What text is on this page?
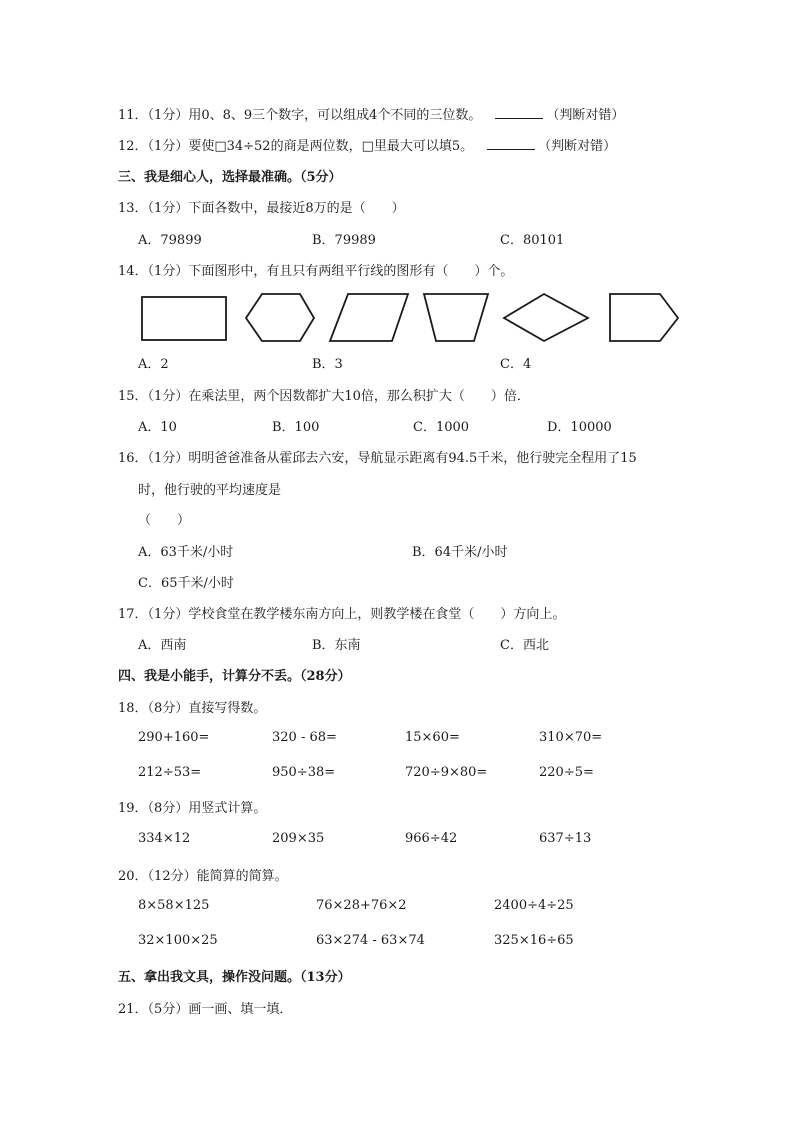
11．（1分）用0、8、9三个数字，可以组成4个不同的三位数。	（判断对错）
12．（1分）要使□34÷52的商是两位数，□里最大可以填5。	（判断对错）
三、我是细心人，选择最准确。（5分）
13．（1分）下面各数中，最接近8万的是（　　）
A．79899	B．79989	C．80101
14．（1分）下面图形中，有且只有两组平行线的图形有（　　）个。
A．2	B．3	C．4
15．（1分）在乘法里，两个因数都扩大10倍，那么积扩大（　　）倍．
A．10	B．100	C．1000	D．10000
16．（1分）明明爸爸准备从霍邱去六安，导航显示距离有94.5千米，他行驶完全程用了15
时，他行驶的平均速度是
（　　）
A．63千米/小时	B．64千米/小时
C．65千米/小时
17．（1分）学校食堂在教学楼东南方向上，则教学楼在食堂（　　）方向上。
A．西南	B．东南	C．西北
四、我是小能手，计算分不丢。（28分）
18．（8分）直接写得数。
290+160=	320 - 68=	15×60=	310×70=
212÷53=	950÷38=	720÷9×80=	220÷5=
19．（8分）用竖式计算。
334×12	209×35	966÷42	637÷13
20．（12分）能简算的简算。
8×58×125	76×28+76×2	2400÷4÷25
32×100×25	63×274 - 63×74	325×16÷65
五、拿出我文具，操作没问题。（13分）
21．（5分）画一画、填一填．
